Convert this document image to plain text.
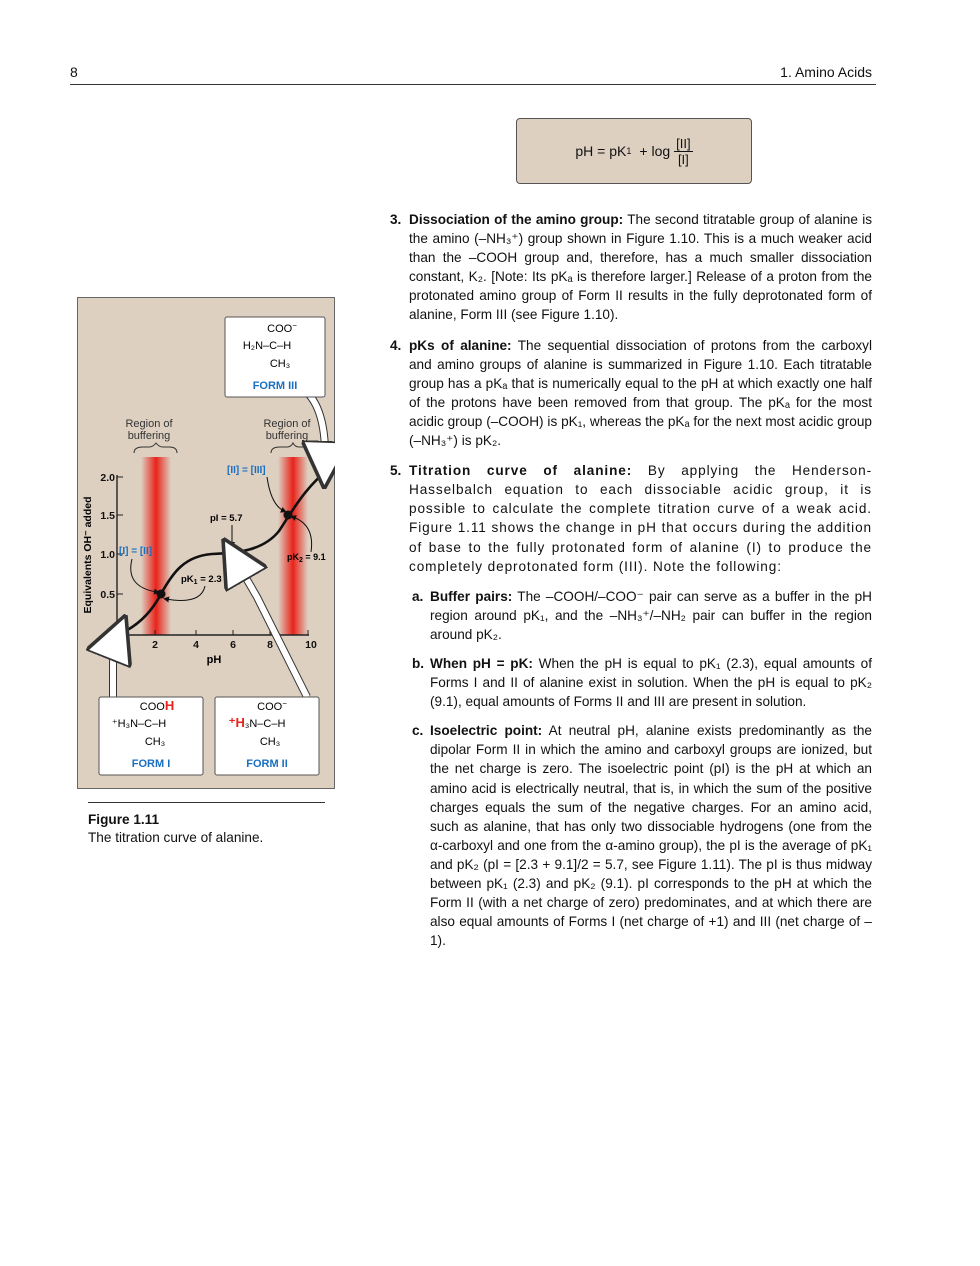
8	1. Amino Acids
pH = pK $1 + \log \frac{[II]}{[I]}$
Region of
buffering
Region of
buffering
0
0.5
1.0
1.5
2.0
2	4	6	8	10
pH
Equivalents OH⁻ added	[I] = [II]
[II] = [III]
pI = 5.7
$pK_1 = 2.3$
$pK_2 = 9.1$
COO−
H₂N–C–H
CH₃
FORM III
COOH
⁺H₃N–C–H
CH₃
FORM I
COO−
⁺H₃N–C–H
CH₃
FORM II
Figure 1.11
The titration curve of alanine.
3. Dissociation of the amino group: The second titratable group of alanine is the amino (–NH₃⁺) group shown in Figure 1.10. This is a much weaker acid than the –COOH group and, therefore, has a much smaller dissociation constant, K₂. [Note: Its pKₐ is therefore larger.] Release of a proton from the protonated amino group of Form II results in the fully deprotonated form of alanine, Form III (see Figure 1.10).

4. pKs of alanine: The sequential dissociation of protons from the carboxyl and amino groups of alanine is summarized in Figure 1.10. Each titratable group has a pKₐ that is numerically equal to the pH at which exactly one half of the protons have been removed from that group. The pKₐ for the most acidic group (–COOH) is pK₁, whereas the pKₐ for the next most acidic group (–NH₃⁺) is pK₂.

5. Titration curve of alanine: By applying the Henderson-Hasselbalch equation to each dissociable acidic group, it is possible to calculate the complete titration curve of a weak acid. Figure 1.11 shows the change in pH that occurs during the addition of base to the fully protonated form of alanine (I) to produce the completely deprotonated form (III). Note the following:

a. Buffer pairs: The –COOH/–COO⁻ pair can serve as a buffer in the pH region around pK₁, and the –NH₃⁺/–NH₂ pair can buffer in the region around pK₂.

b. When pH = pK: When the pH is equal to pK₁ (2.3), equal amounts of Forms I and II of alanine exist in solution. When the pH is equal to pK₂ (9.1), equal amounts of Forms II and III are present in solution.

c. Isoelectric point: At neutral pH, alanine exists predominantly as the dipolar Form II in which the amino and carboxyl groups are ionized, but the net charge is zero. The isoelectric point (pI) is the pH at which an amino acid is electrically neutral, that is, in which the sum of the positive charges equals the sum of the negative charges. For an amino acid, such as alanine, that has only two dissociable hydrogens (one from the α-carboxyl and one from the α-amino group), the pI is the average of pK₁ and pK₂ (pI = [2.3 + 9.1]/2 = 5.7, see Figure 1.11). The pI is thus midway between pK₁ (2.3) and pK₂ (9.1). pI corresponds to the pH at which the Form II (with a net charge of zero) predominates, and at which there are also equal amounts of Forms I (net charge of +1) and III (net charge of –1).
